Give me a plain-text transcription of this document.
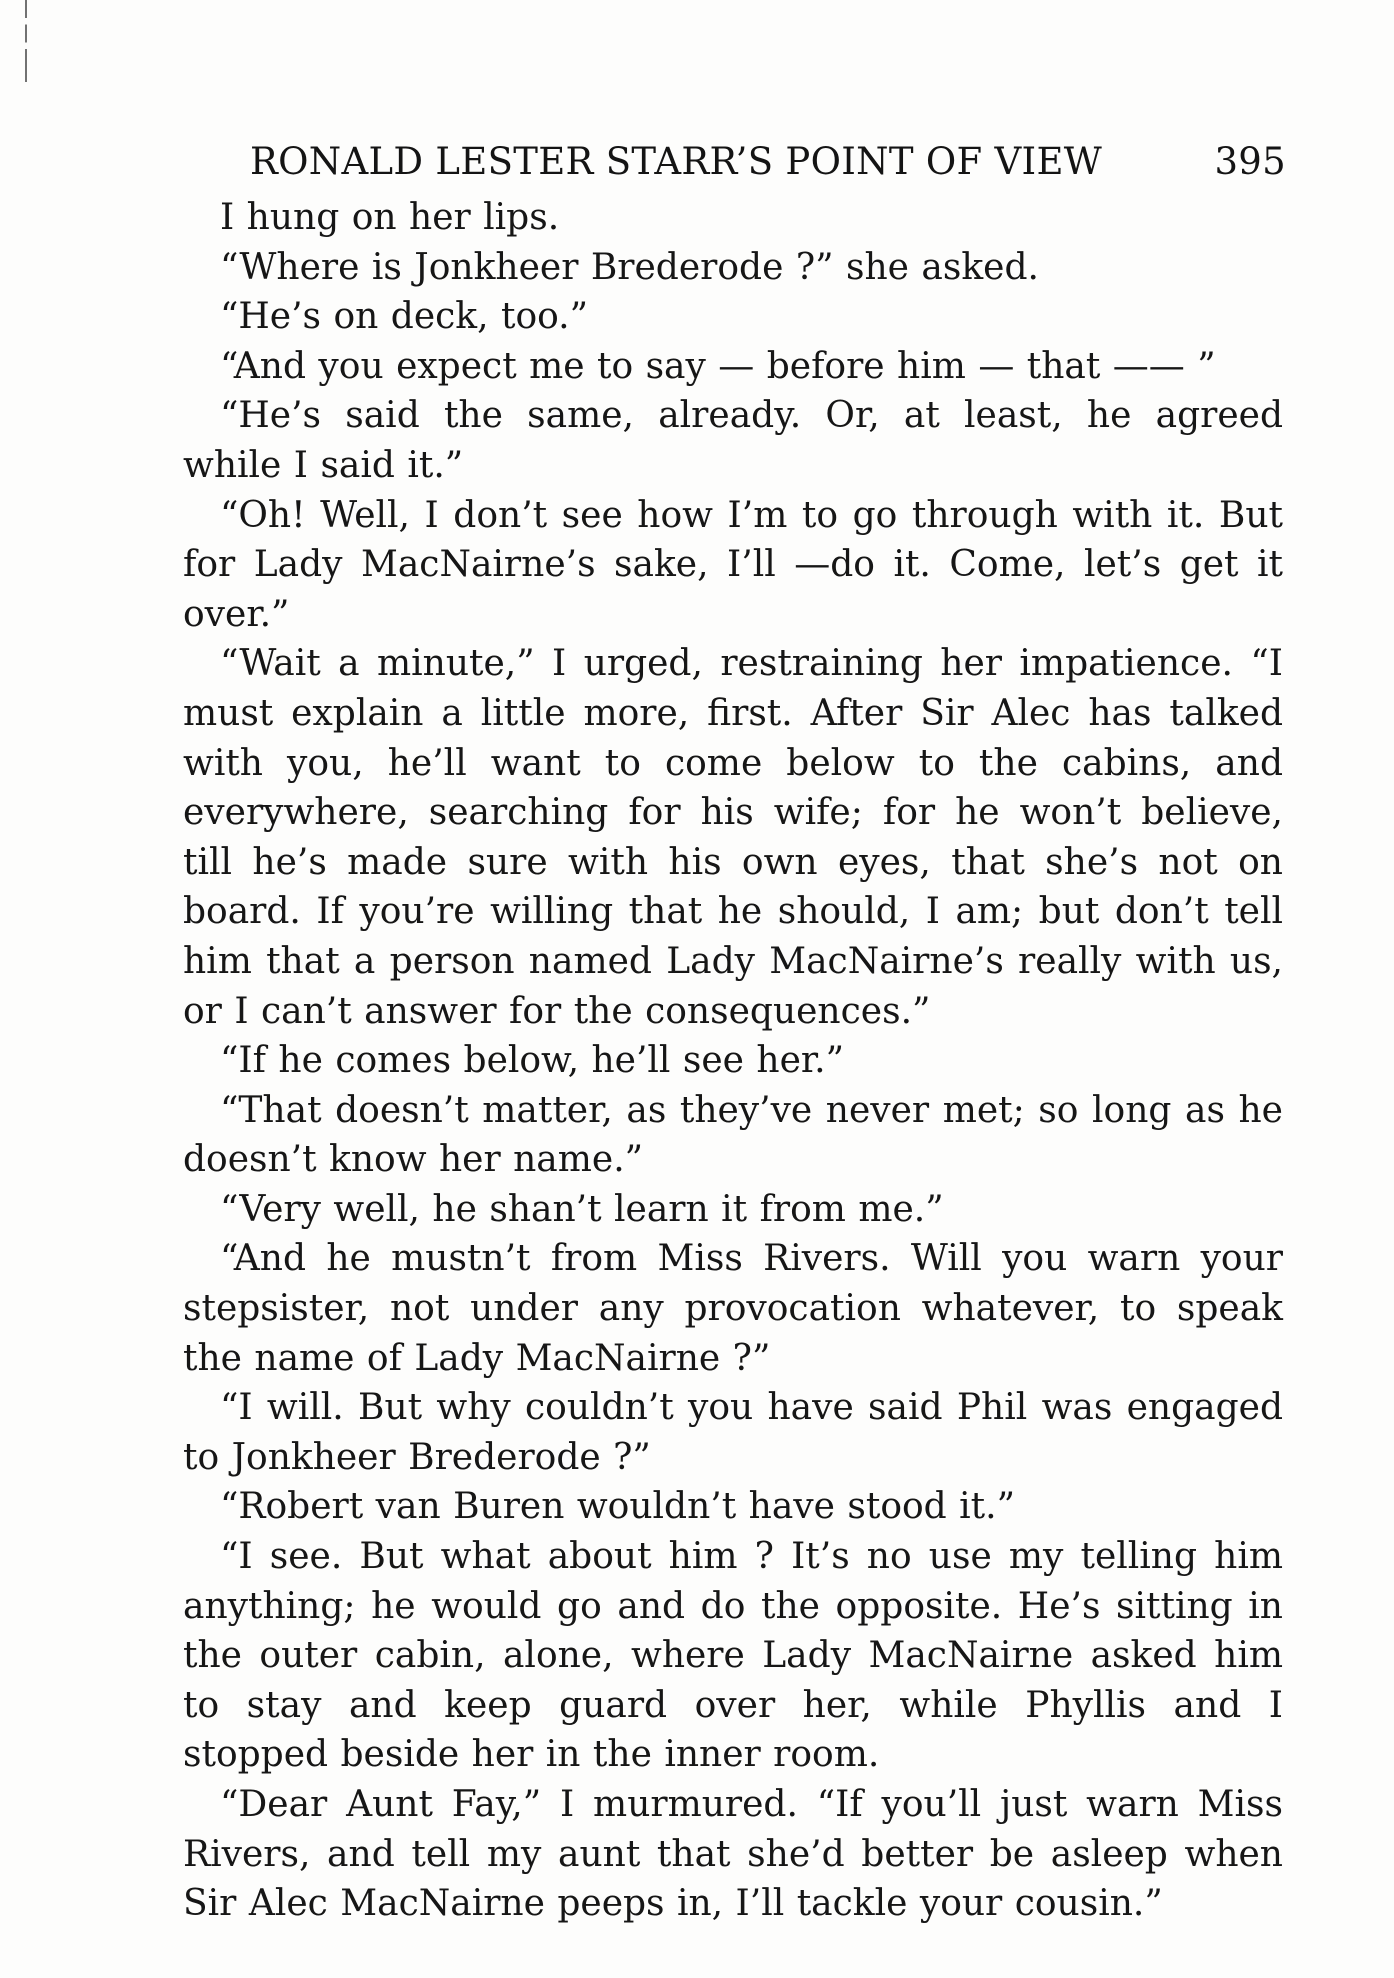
RONALD LESTER STARR’S POINT OF VIEW	395

I hung on her lips.

“Where is Jonkheer Brederode ?” she asked.

“He’s on deck, too.”

“And you expect me to say — before him — that —— ”

“He’s said the same, already. Or, at least, he agreed while I said it.”

“Oh! Well, I don’t see how I’m to go through with it. But for Lady MacNairne’s sake, I’ll —do it. Come, let’s get it over.”

“Wait a minute,” I urged, restraining her impatience. “I must explain a little more, first. After Sir Alec has talked with you, he’ll want to come below to the cabins, and everywhere, searching for his wife; for he won’t believe, till he’s made sure with his own eyes, that she’s not on board. If you’re willing that he should, I am; but don’t tell him that a person named Lady MacNairne’s really with us, or I can’t answer for the consequences.”

“If he comes below, he’ll see her.”

“That doesn’t matter, as they’ve never met; so long as he doesn’t know her name.”

“Very well, he shan’t learn it from me.”

“And he mustn’t from Miss Rivers. Will you warn your stepsister, not under any provocation whatever, to speak the name of Lady MacNairne ?”

“I will. But why couldn’t you have said Phil was engaged to Jonkheer Brederode ?”

“Robert van Buren wouldn’t have stood it.”

“I see. But what about him ? It’s no use my telling him anything; he would go and do the opposite. He’s sitting in the outer cabin, alone, where Lady MacNairne asked him to stay and keep guard over her, while Phyllis and I stopped beside her in the inner room.

“Dear Aunt Fay,” I murmured. “If you’ll just warn Miss Rivers, and tell my aunt that she’d better be asleep when Sir Alec MacNairne peeps in, I’ll tackle your cousin.”
